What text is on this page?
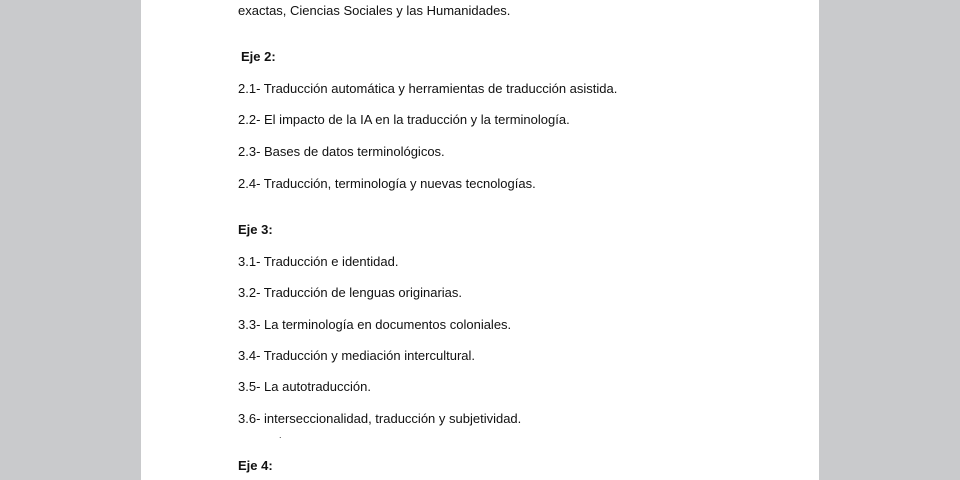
exactas, Ciencias Sociales y las Humanidades.
Eje 2:
2.1- Traducción automática y herramientas de traducción asistida.
2.2- El impacto de la IA en la traducción y la terminología.
2.3- Bases de datos terminológicos.
2.4- Traducción, terminología y nuevas tecnologías.
Eje 3:
3.1- Traducción e identidad.
3.2- Traducción de lenguas originarias.
3.3- La terminología en documentos coloniales.
3.4- Traducción y mediación intercultural.
3.5- La autotraducción.
3.6- interseccionalidad, traducción y subjetividad.
.
Eje 4:
